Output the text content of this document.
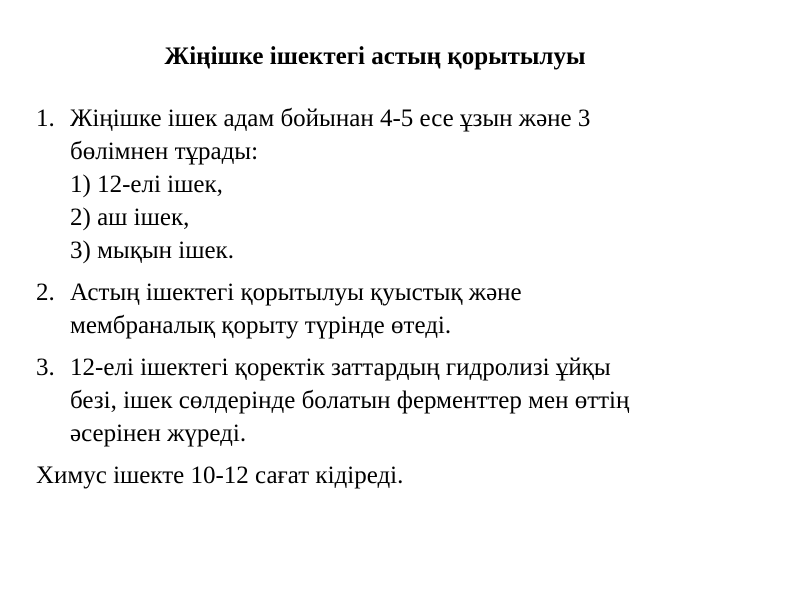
Жіңішке ішектегі астың қорытылуы
1. Жіңішке ішек адам бойынан 4-5 есе ұзын және 3
бөлімнен тұрады:
1) 12-елі ішек,
2) аш ішек,
3) мықын ішек.
2. Астың ішектегі қорытылуы қуыстық және
мембраналық қорыту түрінде өтеді.
3. 12-елі ішектегі қоректік заттардың гидролизі ұйқы
безі, ішек сөлдерінде болатын ферменттер мен өттің
әсерінен жүреді.
Химус ішекте 10-12 сағат кідіреді.
